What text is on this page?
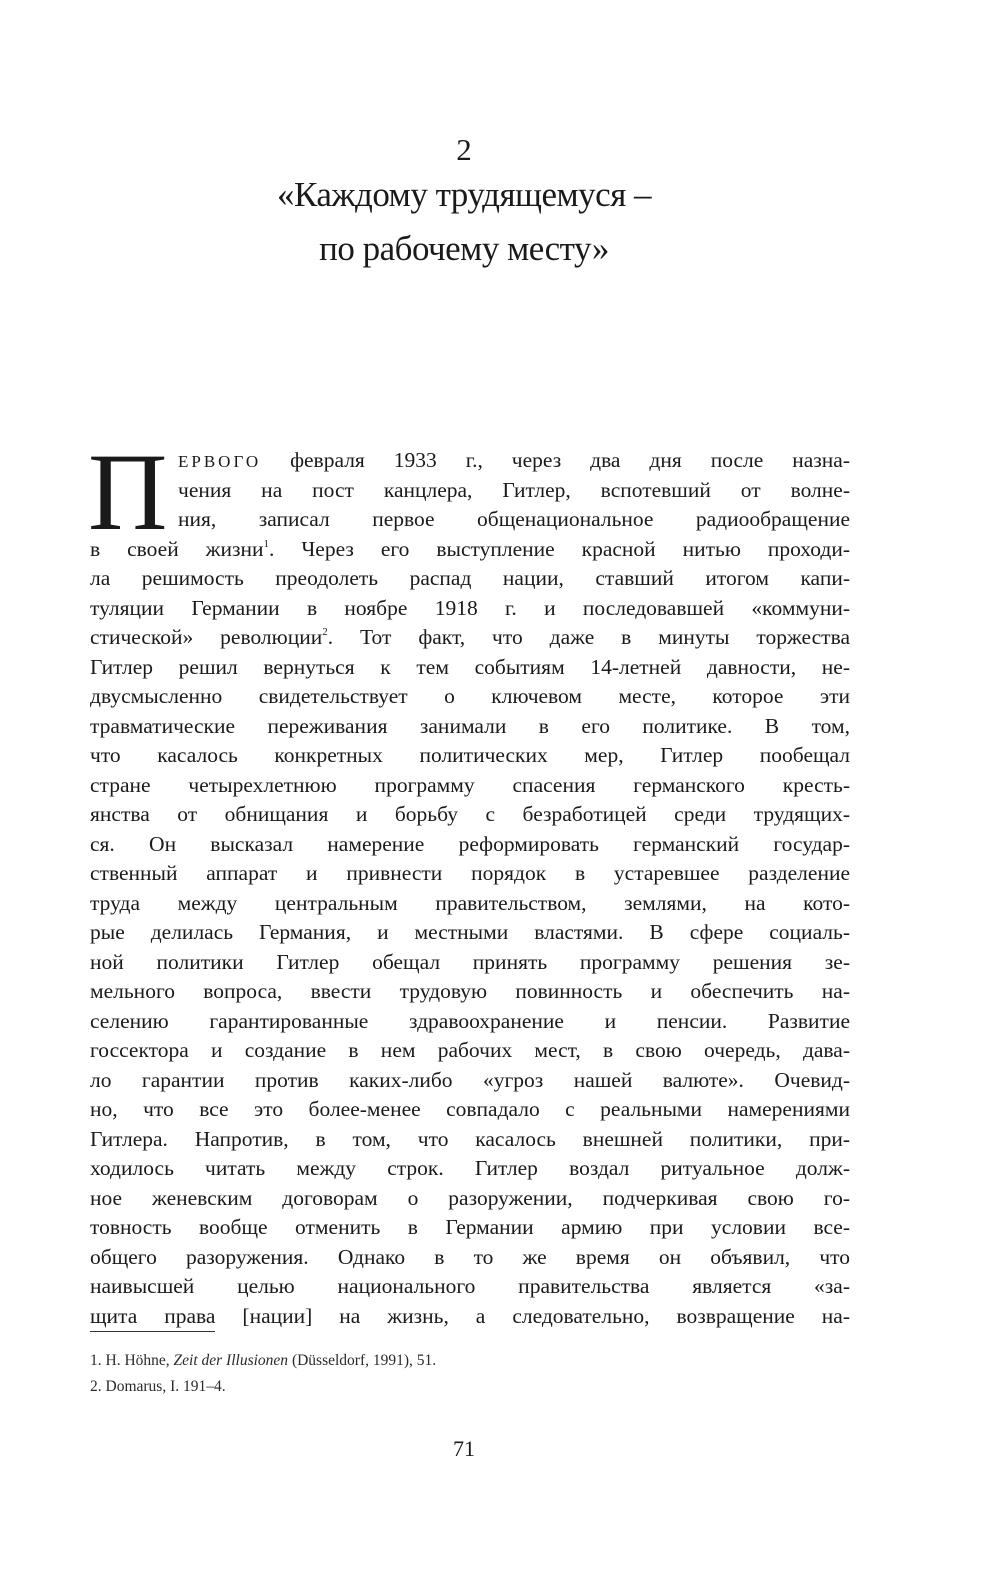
2
«Каждому трудящемуся –
по рабочему месту»
П ЕРВОГО февраля 1933 г., через два дня после назна-
чения на пост канцлера, Гитлер, вспотевший от волне-
ния, записал первое общенациональное радиообращение
в своей жизни$^1$. Через его выступление красной нитью проходи-
ла решимость преодолеть распад нации, ставший итогом капи-
туляции Германии в ноябре 1918 г. и последовавшей «коммуни-
стической» революции$^2$. Тот факт, что даже в минуты торжества
Гитлер решил вернуться к тем событиям 14-летней давности, не-
двусмысленно свидетельствует о ключевом месте, которое эти
травматические переживания занимали в его политике. В том,
что касалось конкретных политических мер, Гитлер пообещал
стране четырехлетнюю программу спасения германского кресть-
янства от обнищания и борьбу с безработицей среди трудящих-
ся. Он высказал намерение реформировать германский государ-
ственный аппарат и привнести порядок в устаревшее разделение
труда между центральным правительством, землями, на кото-
рые делилась Германия, и местными властями. В сфере социаль-
ной политики Гитлер обещал принять программу решения зе-
мельного вопроса, ввести трудовую повинность и обеспечить на-
селению гарантированные здравоохранение и пенсии. Развитие
госсектора и создание в нем рабочих мест, в свою очередь, дава-
ло гарантии против каких-либо «угроз нашей валюте». Очевид-
но, что все это более-менее совпадало с реальными намерениями
Гитлера. Напротив, в том, что касалось внешней политики, при-
ходилось читать между строк. Гитлер воздал ритуальное долж-
ное женевским договорам о разоружении, подчеркивая свою го-
товность вообще отменить в Германии армию при условии все-
общего разоружения. Однако в то же время он объявил, что
наивысшей целью национального правительства является «за-
щита права [нации] на жизнь, а следовательно, возвращение на-
1. H. Höhne, Zeit der Illusionen (Düsseldorf, 1991), 51.
2. Domarus, I. 191–4.
71
